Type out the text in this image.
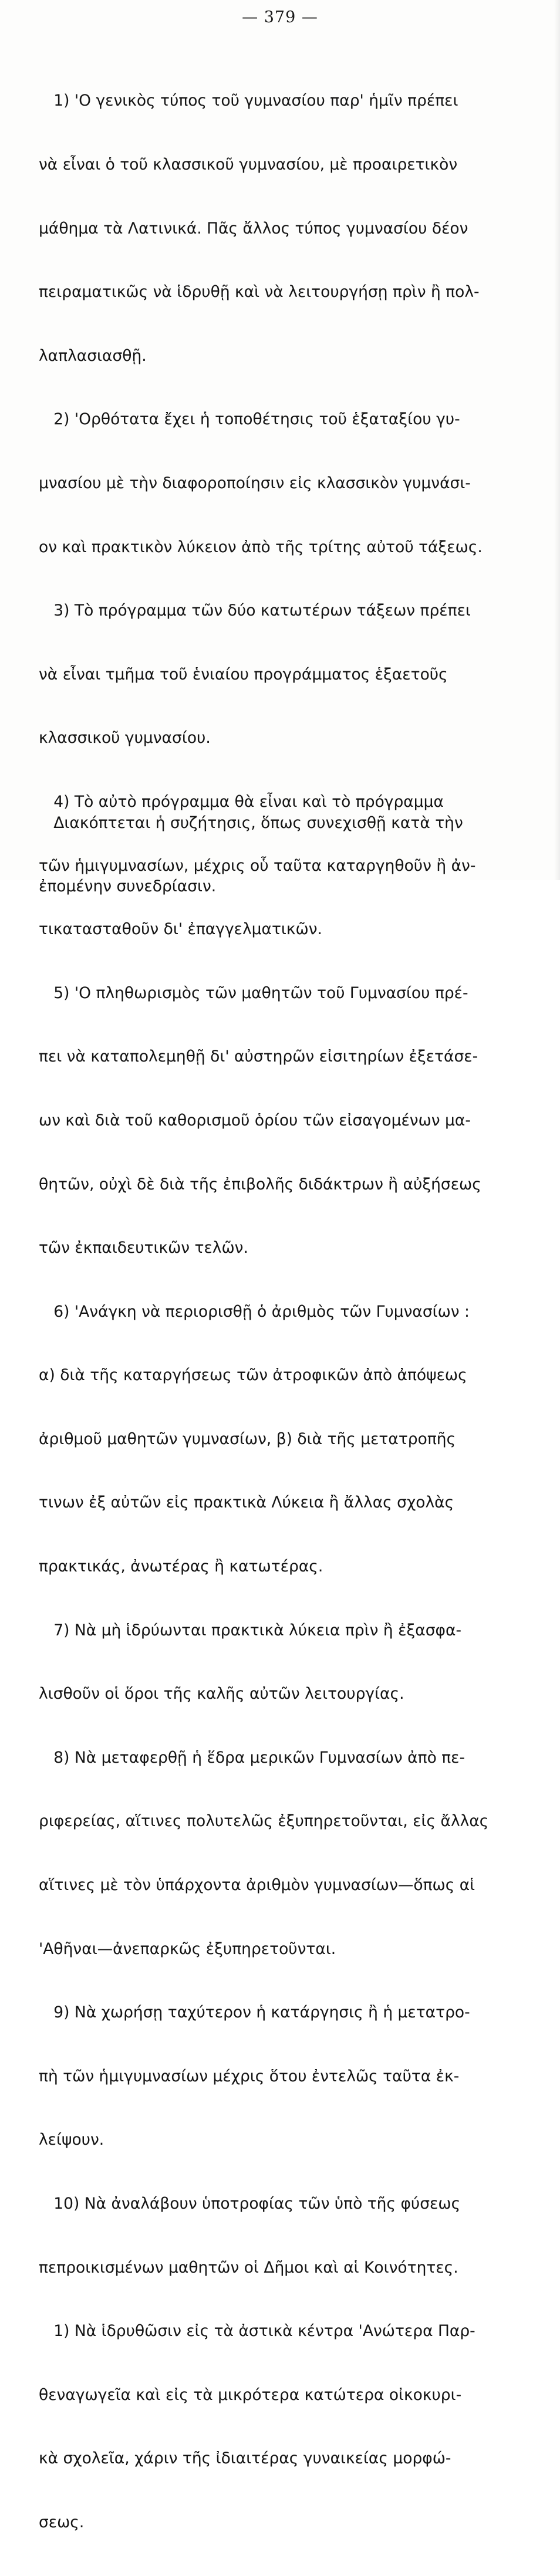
— 379 —

1) 'Ο γενικὸς τύπος τοῦ γυμνασίου παρ' ἡμῖν πρέπει

νὰ εἶναι ὁ τοῦ κλασσικοῦ γυμνασίου, μὲ προαιρετικὸν

μάθημα τὰ Λατινικά. Πᾶς ἄλλος τύπος γυμνασίου δέον

πειραματικῶς νὰ ἱδρυθῇ καὶ νὰ λειτουργήσῃ πρὶν ἢ πολ-

λαπλασιασθῇ.

2) 'Ορθότατα ἔχει ἡ τοποθέτησις τοῦ ἑξαταξίου γυ-

μνασίου μὲ τὴν διαφοροποίησιν εἰς κλασσικὸν γυμνάσι-

ον καὶ πρακτικὸν λύκειον ἀπὸ τῆς τρίτης αὐτοῦ τάξεως.

3) Τὸ πρόγραμμα τῶν δύο κατωτέρων τάξεων πρέπει

νὰ εἶναι τμῆμα τοῦ ἑνιαίου προγράμματος ἑξαετοῦς

κλασσικοῦ γυμνασίου.

4) Τὸ αὐτὸ πρόγραμμα θὰ εἶναι καὶ τὸ πρόγραμμα

τῶν ἡμιγυμνασίων, μέχρις οὗ ταῦτα καταργηθοῦν ἢ ἀν-

τικατασταθοῦν δι' ἐπαγγελματικῶν.

5) 'Ο πληθωρισμὸς τῶν μαθητῶν τοῦ Γυμνασίου πρέ-

πει νὰ καταπολεμηθῇ δι' αὐστηρῶν εἰσιτηρίων ἐξετάσε-

ων καὶ διὰ τοῦ καθορισμοῦ ὁρίου τῶν εἰσαγομένων μα-

θητῶν, οὐχὶ δὲ διὰ τῆς ἐπιβολῆς διδάκτρων ἢ αὐξήσεως

τῶν ἐκπαιδευτικῶν τελῶν.

6) 'Ανάγκη νὰ περιορισθῇ ὁ ἀριθμὸς τῶν Γυμνασίων :

α) διὰ τῆς καταργήσεως τῶν ἀτροφικῶν ἀπὸ ἀπόψεως

ἀριθμοῦ μαθητῶν γυμνασίων, β) διὰ τῆς μετατροπῆς

τινων ἐξ αὐτῶν εἰς πρακτικὰ Λύκεια ἢ ἄλλας σχολὰς

πρακτικάς, ἀνωτέρας ἢ κατωτέρας.

7) Νὰ μὴ ἱδρύωνται πρακτικὰ λύκεια πρὶν ἢ ἐξασφα-

λισθοῦν οἱ ὅροι τῆς καλῆς αὐτῶν λειτουργίας.

8) Νὰ μεταφερθῇ ἡ ἕδρα μερικῶν Γυμνασίων ἀπὸ πε-

ριφερείας, αἵτινες πολυτελῶς ἐξυπηρετοῦνται, εἰς ἄλλας

αἵτινες μὲ τὸν ὑπάρχοντα ἀριθμὸν γυμνασίων—ὅπως αἱ

'Αθῆναι—ἀνεπαρκῶς ἐξυπηρετοῦνται.

9) Νὰ χωρήσῃ ταχύτερον ἡ κατάργησις ἢ ἡ μετατρο-

πὴ τῶν ἡμιγυμνασίων μέχρις ὅτου ἐντελῶς ταῦτα ἐκ-

λείψουν.

10) Νὰ ἀναλάβουν ὑποτροφίας τῶν ὑπὸ τῆς φύσεως

πεπροικισμένων μαθητῶν οἱ Δῆμοι καὶ αἱ Κοινότητες.

1) Νὰ ἱδρυθῶσιν εἰς τὰ ἀστικὰ κέντρα 'Ανώτερα Παρ-

θεναγωγεῖα καὶ εἰς τὰ μικρότερα κατώτερα οἰκοκυρι-

κὰ σχολεῖα, χάριν τῆς ἰδιαιτέρας γυναικείας μορφώ-

σεως.

Διακόπτεται ἡ συζήτησις, ὅπως συνεχισθῇ κατὰ τὴν

ἐπομένην συνεδρίασιν.
